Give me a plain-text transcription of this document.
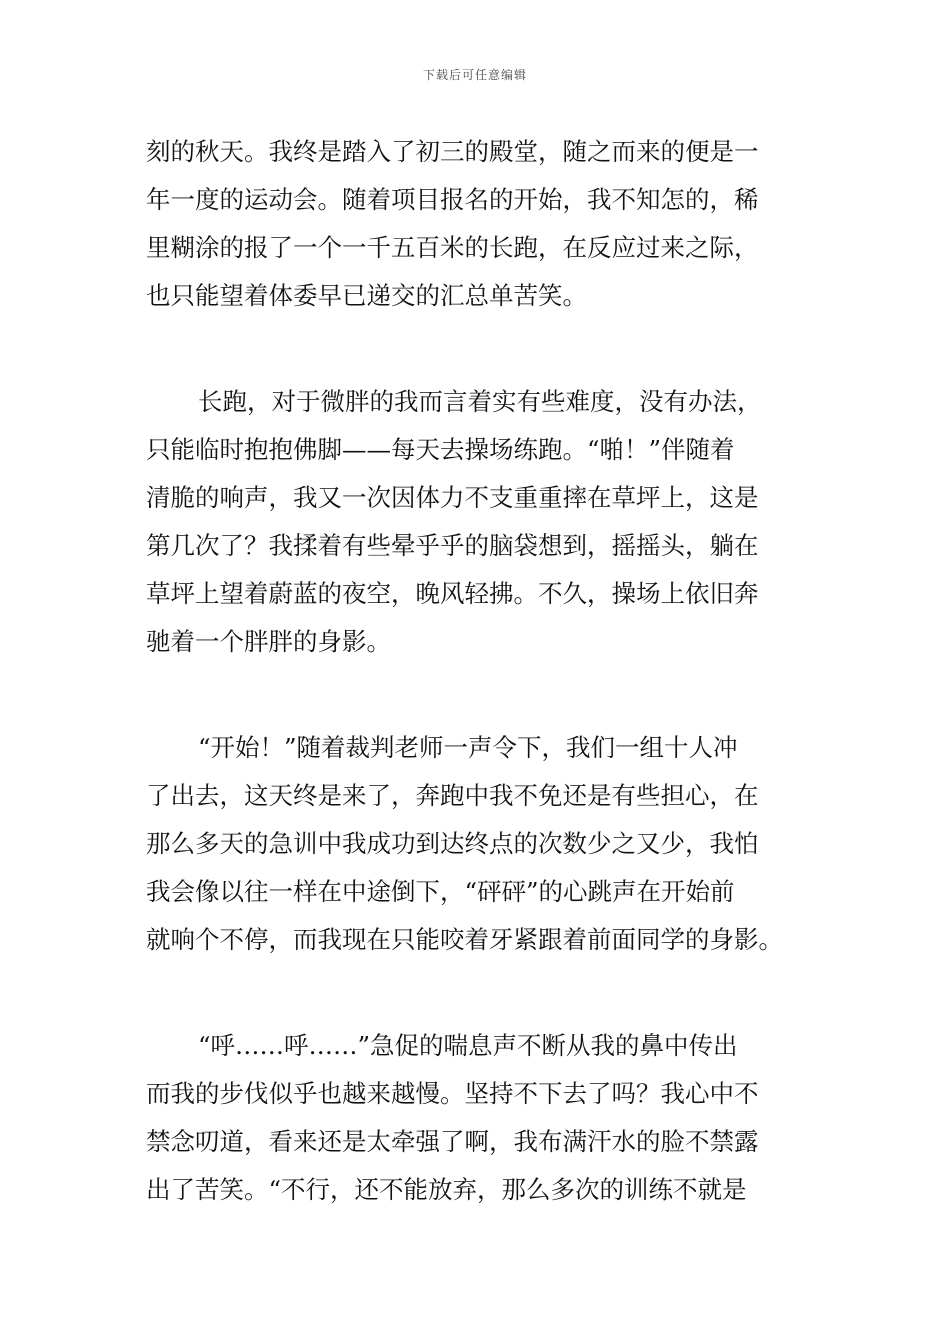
下载后可任意编辑

刻的秋天。我终是踏入了初三的殿堂，随之而来的便是一
年一度的运动会。随着项目报名的开始，我不知怎的，稀
里糊涂的报了一个一千五百米的长跑，在反应过来之际，
也只能望着体委早已递交的汇总单苦笑。

长跑，对于微胖的我而言着实有些难度，没有办法，
只能临时抱抱佛脚——每天去操场练跑。“啪！”伴随着
清脆的响声，我又一次因体力不支重重摔在草坪上，这是
第几次了？我揉着有些晕乎乎的脑袋想到，摇摇头，躺在
草坪上望着蔚蓝的夜空，晚风轻拂。不久，操场上依旧奔
驰着一个胖胖的身影。

“开始！”随着裁判老师一声令下，我们一组十人冲
了出去，这天终是来了，奔跑中我不免还是有些担心，在
那么多天的急训中我成功到达终点的次数少之又少，我怕
我会像以往一样在中途倒下，“砰砰”的心跳声在开始前
就响个不停，而我现在只能咬着牙紧跟着前面同学的身影。

“呼……呼……”急促的喘息声不断从我的鼻中传出
而我的步伐似乎也越来越慢。坚持不下去了吗？我心中不
禁念叨道，看来还是太牵强了啊，我布满汗水的脸不禁露
出了苦笑。“不行，还不能放弃，那么多次的训练不就是
